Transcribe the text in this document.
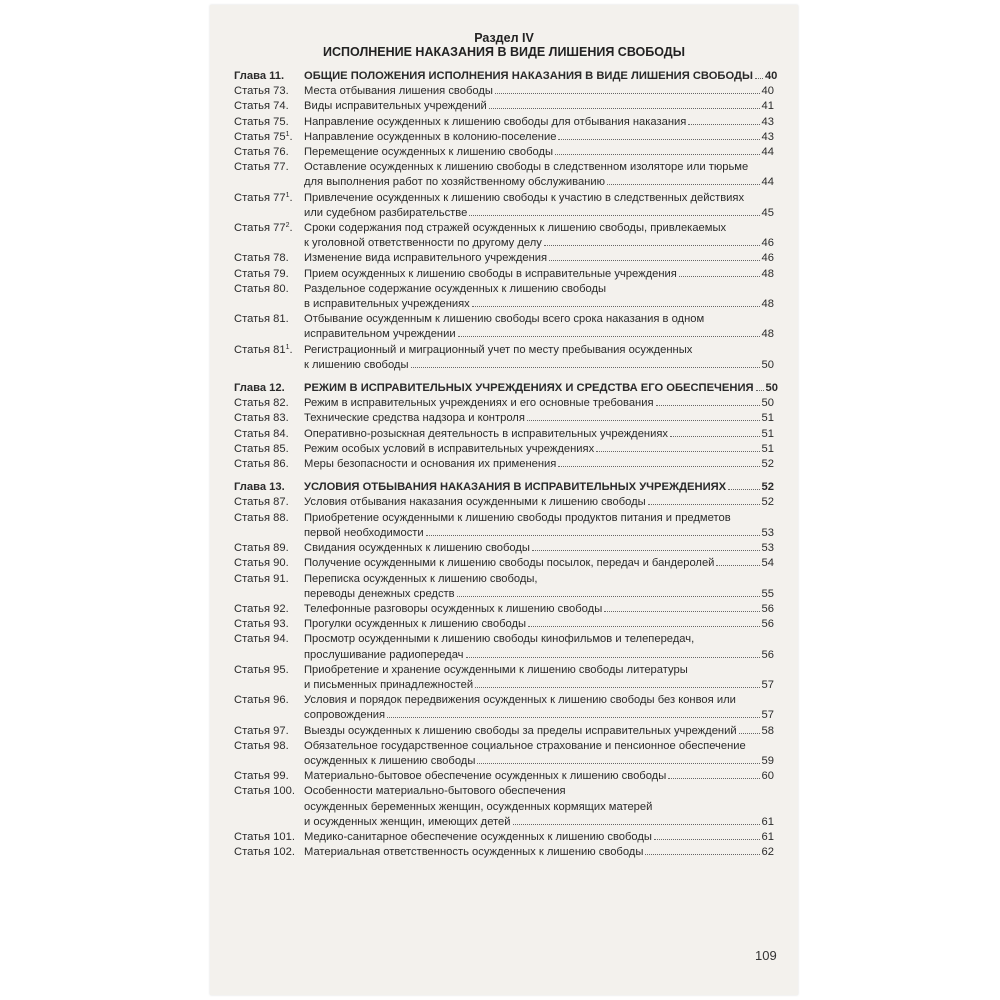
Раздел IV
ИСПОЛНЕНИЕ НАКАЗАНИЯ В ВИДЕ ЛИШЕНИЯ СВОБОДЫ
Глава 11.	ОБЩИЕ ПОЛОЖЕНИЯ ИСПОЛНЕНИЯ НАКАЗАНИЯ В ВИДЕ ЛИШЕНИЯ СВОБОДЫ 40
Статья 73.	Места отбывания лишения свободы	40
Статья 74.	Виды исправительных учреждений	41
Статья 75.	Направление осужденных к лишению свободы для отбывания наказания	43
Статья $75^1$.	Направление осужденных в колонию-поселение	43
Статья 76.	Перемещение осужденных к лишению свободы	44
Статья 77.	Оставление осужденных к лишению свободы в следственном изоляторе или тюрьме
для выполнения работ по хозяйственному обслуживанию	44
Статья $77^1$.	Привлечение осужденных к лишению свободы к участию в следственных действиях
или судебном разбирательстве	45
Статья $77^2$.	Сроки содержания под стражей осужденных к лишению свободы, привлекаемых
к уголовной ответственности по другому делу	46
Статья 78.	Изменение вида исправительного учреждения	46
Статья 79.	Прием осужденных к лишению свободы в исправительные учреждения	48
Статья 80.	Раздельное содержание осужденных к лишению свободы
в исправительных учреждениях	48
Статья 81.	Отбывание осужденным к лишению свободы всего срока наказания в одном
исправительном учреждении	48
Статья $81^1$.	Регистрационный и миграционный учет по месту пребывания осужденных
к лишению свободы	50
Глава 12.	РЕЖИМ В ИСПРАВИТЕЛЬНЫХ УЧРЕЖДЕНИЯХ И СРЕДСТВА ЕГО ОБЕСПЕЧЕНИЯ 50
Статья 82.	Режим в исправительных учреждениях и его основные требования	50
Статья 83.	Технические средства надзора и контроля	51
Статья 84.	Оперативно-розыскная деятельность в исправительных учреждениях	51
Статья 85.	Режим особых условий в исправительных учреждениях	51
Статья 86.	Меры безопасности и основания их применения	52
Глава 13.	УСЛОВИЯ ОТБЫВАНИЯ НАКАЗАНИЯ В ИСПРАВИТЕЛЬНЫХ УЧРЕЖДЕНИЯХ	52
Статья 87.	Условия отбывания наказания осужденными к лишению свободы	52
Статья 88.	Приобретение осужденными к лишению свободы продуктов питания и предметов
первой необходимости	53
Статья 89.	Свидания осужденных к лишению свободы	53
Статья 90.	Получение осужденными к лишению свободы посылок, передач и бандеролей	54
Статья 91.	Переписка осужденных к лишению свободы,
переводы денежных средств	55
Статья 92.	Телефонные разговоры осужденных к лишению свободы	56
Статья 93.	Прогулки осужденных к лишению свободы	56
Статья 94.	Просмотр осужденными к лишению свободы кинофильмов и телепередач,
прослушивание радиопередач	56
Статья 95.	Приобретение и хранение осужденными к лишению свободы литературы
и письменных принадлежностей	57
Статья 96.	Условия и порядок передвижения осужденных к лишению свободы без конвоя или
сопровождения	57
Статья 97.	Выезды осужденных к лишению свободы за пределы исправительных учреждений 58
Статья 98.	Обязательное государственное социальное страхование и пенсионное обеспечение
осужденных к лишению свободы	59
Статья 99.	Материально-бытовое обеспечение осужденных к лишению свободы	60
Статья 100. Особенности материально-бытового обеспечения
осужденных беременных женщин, осужденных кормящих матерей
и осужденных женщин, имеющих детей	61
Статья 101. Медико-санитарное обеспечение осужденных к лишению свободы	61
Статья 102. Материальная ответственность осужденных к лишению свободы	62
109
